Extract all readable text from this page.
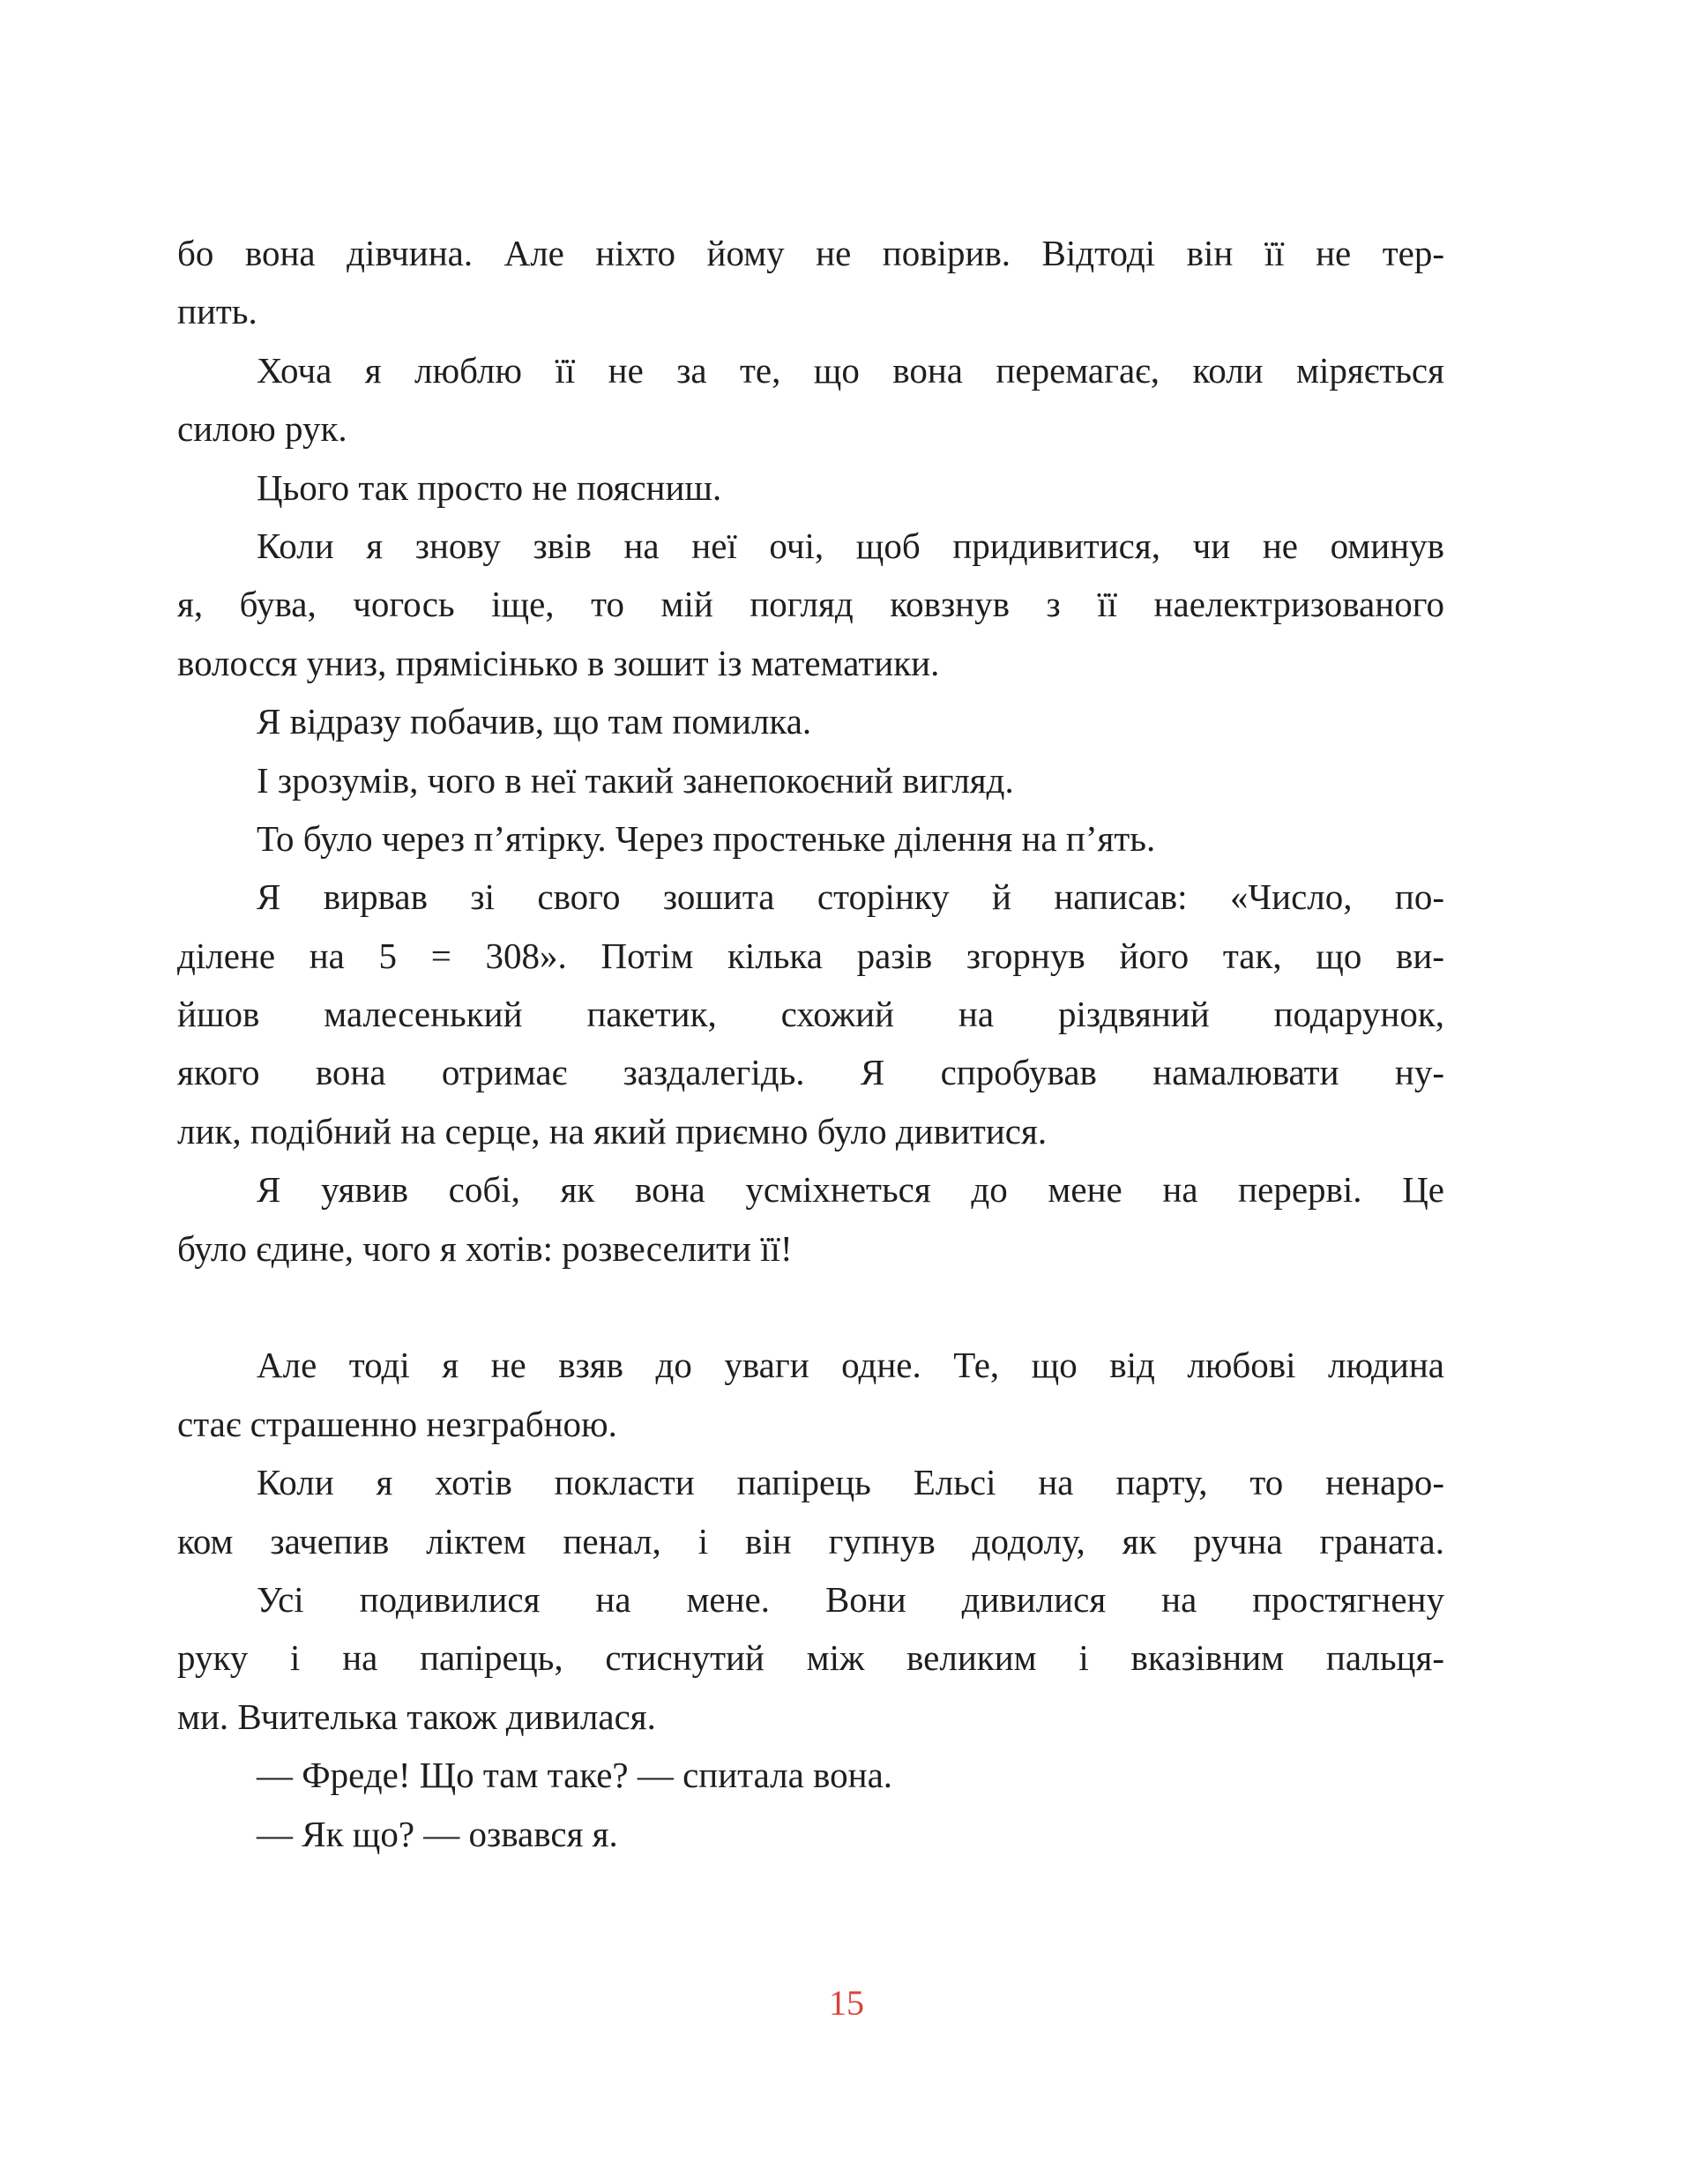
бо вона дівчина. Але ніхто йому не повірив. Відтоді він її не тер-
пить.
Хоча я люблю її не за те, що вона перемагає, коли міряється
силою рук.
Цього так просто не поясниш.
Коли я знову звів на неї очі, щоб придивитися, чи не оминув
я, бува, чогось іще, то мій погляд ковзнув з її наелектризованого
волосся униз, прямісінько в зошит із математики.
Я відразу побачив, що там помилка.
І зрозумів, чого в неї такий занепокоєний вигляд.
То було через п’ятірку. Через простеньке ділення на п’ять.
Я вирвав зі свого зошита сторінку й написав: «Число, по-
ділене на 5 = 308». Потім кілька разів згорнув його так, що ви-
йшов малесенький пакетик, схожий на різдвяний подарунок,
якого вона отримає заздалегідь. Я спробував намалювати ну-
лик, подібний на серце, на який приємно було дивитися.
Я уявив собі, як вона усміхнеться до мене на перерві. Це
було єдине, чого я хотів: розвеселити її!
Але тоді я не взяв до уваги одне. Те, що від любові людина
стає страшенно незграбною.
Коли я хотів покласти папірець Ельсі на парту, то ненаро-
ком зачепив ліктем пенал, і він гупнув додолу, як ручна граната.
Усі подивилися на мене. Вони дивилися на простягнену
руку і на папірець, стиснутий між великим і вказівним пальця-
ми. Вчителька також дивилася.
— Фреде! Що там таке? — спитала вона.
— Як що? — озвався я.
15
